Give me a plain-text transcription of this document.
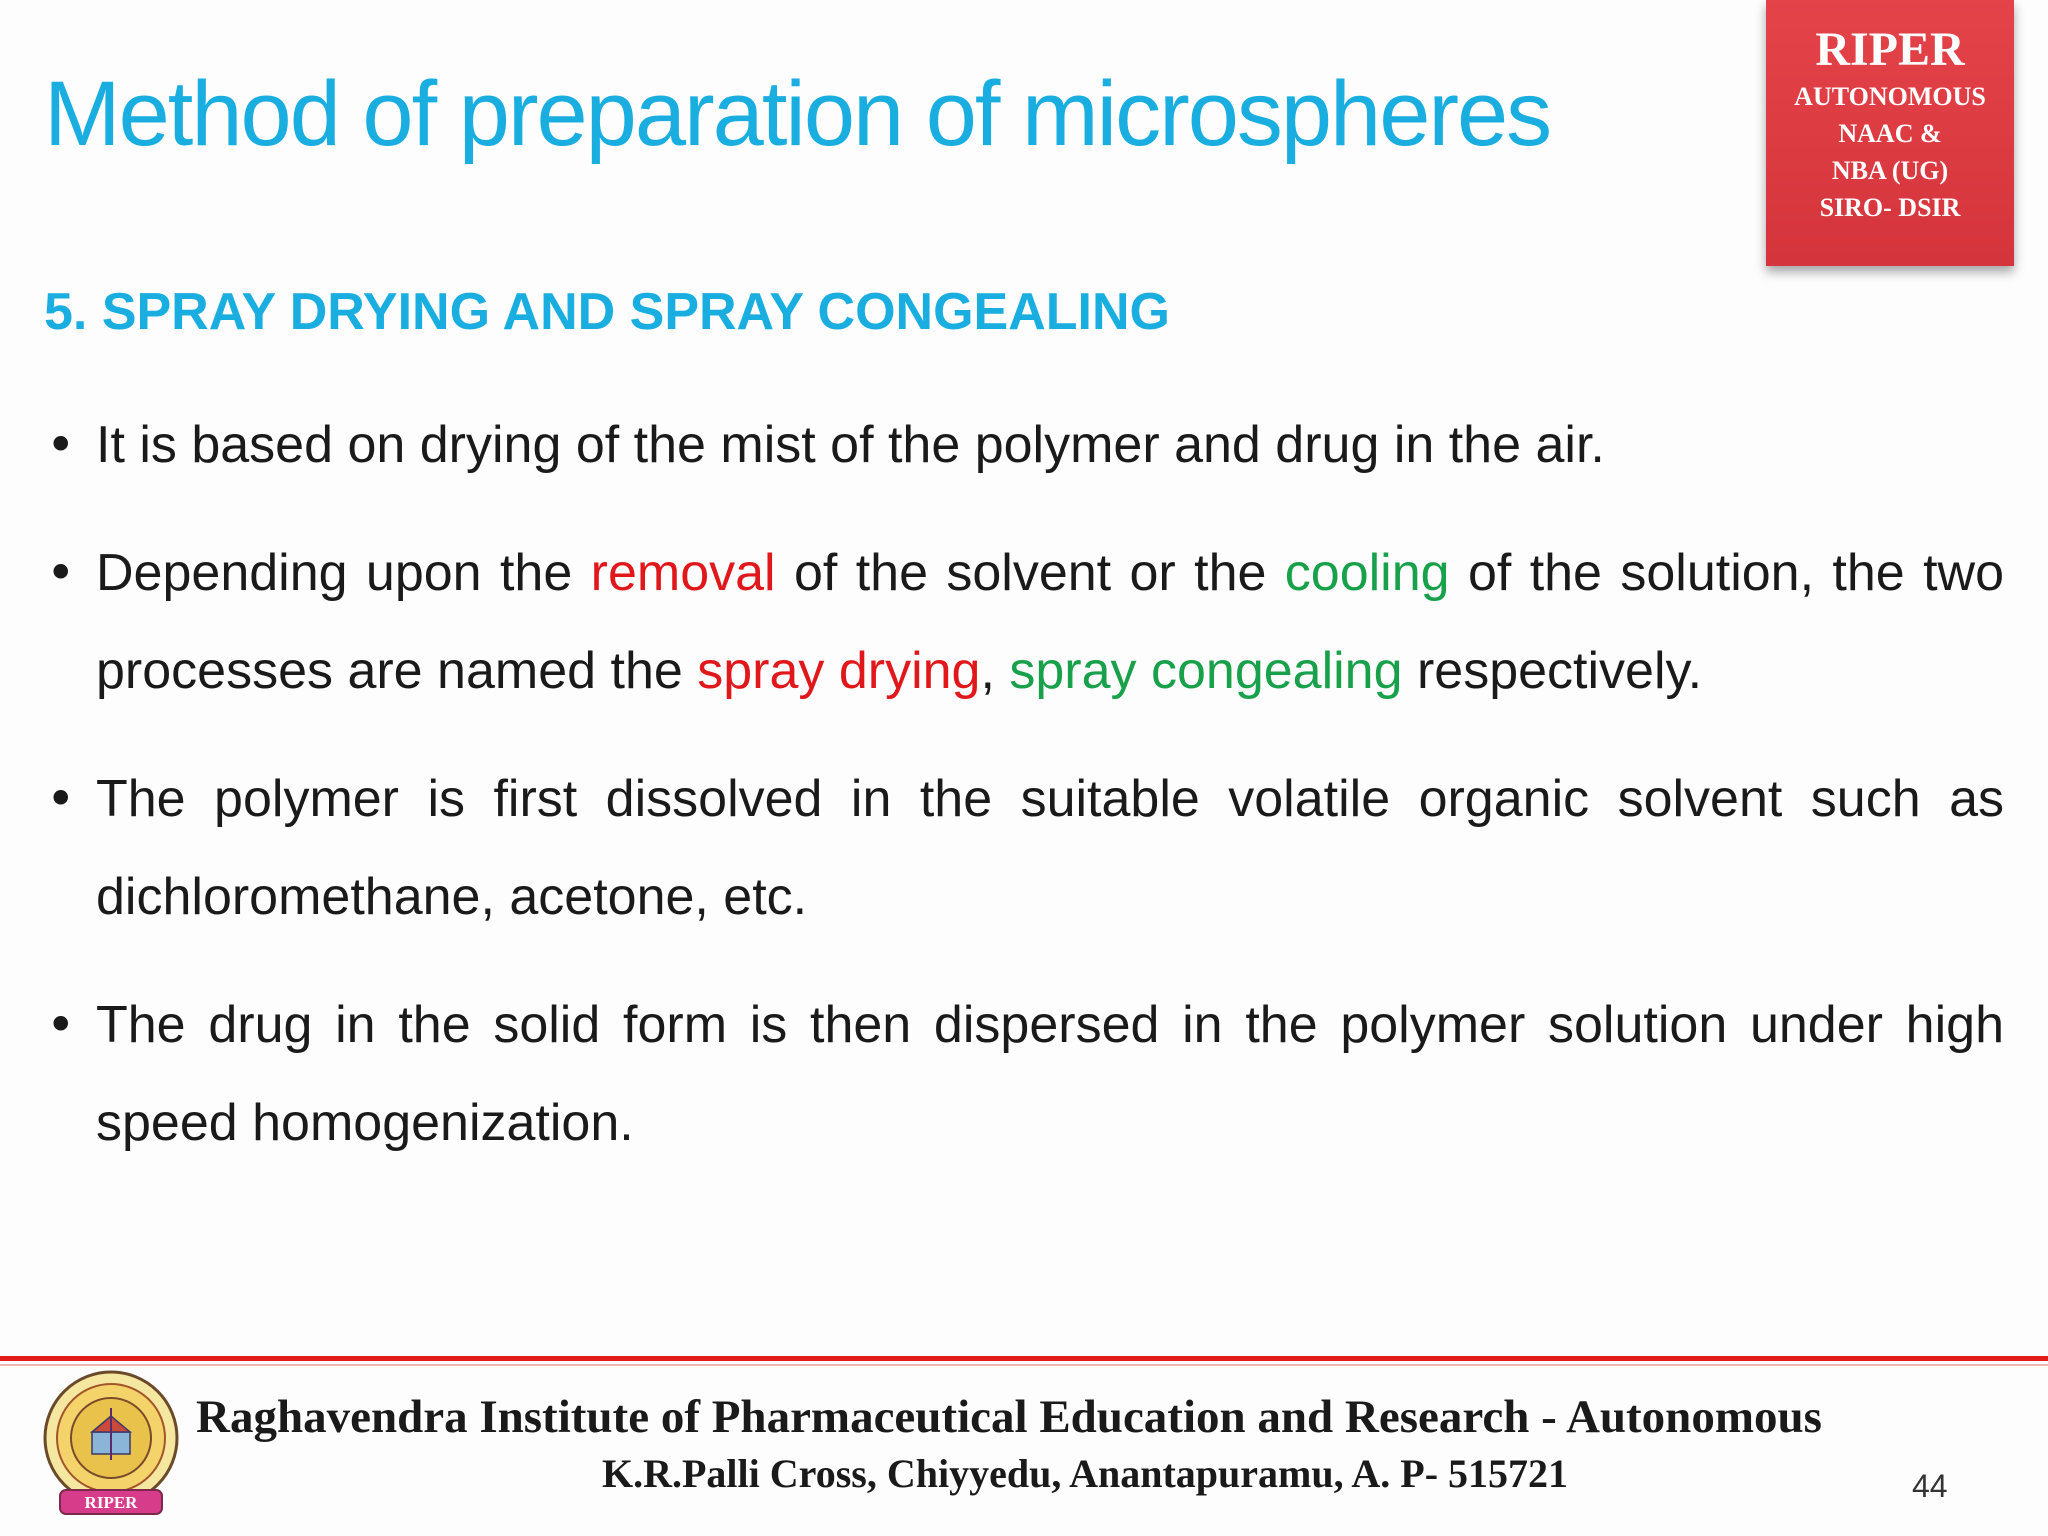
Method of preparation of microspheres
RIPER
AUTONOMOUS
NAAC &
NBA (UG)
SIRO- DSIR
5. SPRAY DRYING AND SPRAY CONGEALING
• It is based on drying of the mist of the polymer and drug in the air.
• Depending upon the removal of the solvent or the cooling of the solution, the two processes are named the spray drying, spray congealing respectively.
• The polymer is first dissolved in the suitable volatile organic solvent such as dichloromethane, acetone, etc.
• The drug in the solid form is then dispersed in the polymer solution under high speed homogenization.
RIPER
Raghavendra Institute of Pharmaceutical Education and Research - Autonomous
K.R.Palli Cross, Chiyyedu, Anantapuramu, A. P- 515721	44
